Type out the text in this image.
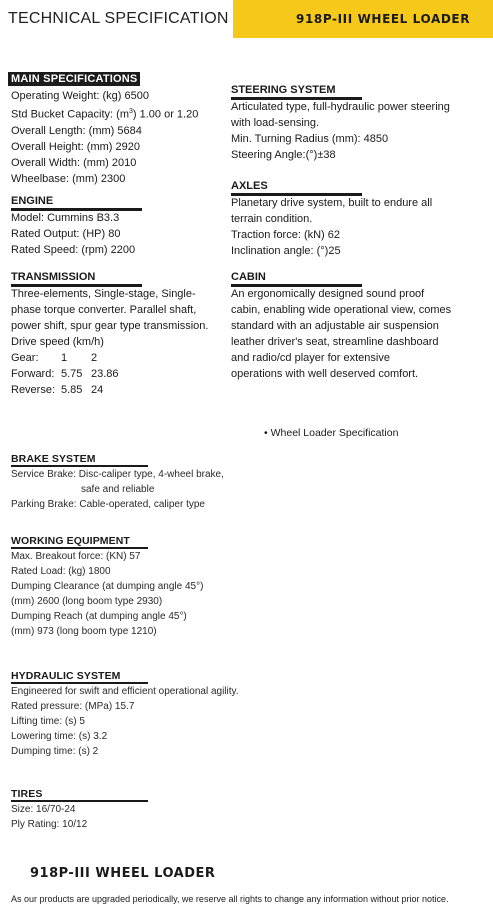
TECHNICAL SPECIFICATION	918P-III WHEEL LOADER
MAIN SPECIFICATIONS
Operating Weight: (kg) 6500
Std Bucket Capacity: $(m^3)$ 1.00 or 1.20
Overall Length: (mm) 5684
Overall Height: (mm) 2920
Overall Width: (mm) 2010
Wheelbase: (mm) 2300
ENGINE
Model: Cummins B3.3
Rated Output: (HP) 80
Rated Speed: (rpm) 2200
TRANSMISSION
Three-elements, Single-stage, Single-
phase torque converter. Parallel shaft,
power shift, spur gear type transmission.
Drive speed (km/h)
Gear:	1	2
Forward: 5.75 23.86
Reverse: 5.85 24
STEERING SYSTEM
Articulated type, full-hydraulic power steering
with load-sensing.
Min. Turning Radius (mm): 4850
Steering Angle:(°)±38
AXLES
Planetary drive system, built to endure all
terrain condition.
Traction force: (kN) 62
Inclination angle: (°)25
CABIN
An ergonomically designed sound proof
cabin, enabling wide operational view, comes
standard with an adjustable air suspension
leather driver's seat, streamline dashboard
and radio/cd player for extensive
operations with well deserved comfort.
• Wheel Loader Specification
BRAKE SYSTEM
Service Brake: Disc-caliper type, 4-wheel brake,
safe and reliable
Parking Brake: Cable-operated, caliper type
WORKING EQUIPMENT
Max. Breakout force: (KN) 57
Rated Load: (kg) 1800
Dumping Clearance (at dumping angle 45°)
(mm) 2600 (long boom type 2930)
Dumping Reach (at dumping angle 45°)
(mm) 973 (long boom type 1210)
HYDRAULIC SYSTEM
Engineered for swift and efficient operational agility.
Rated pressure: (MPa) 15.7
Lifting time: (s) 5
Lowering time: (s) 3.2
Dumping time: (s) 2
TIRES
Size: 16/70-24
Ply Rating: 10/12
918P-III WHEEL LOADER
As our products are upgraded periodically, we reserve all rights to change any information without prior notice.
